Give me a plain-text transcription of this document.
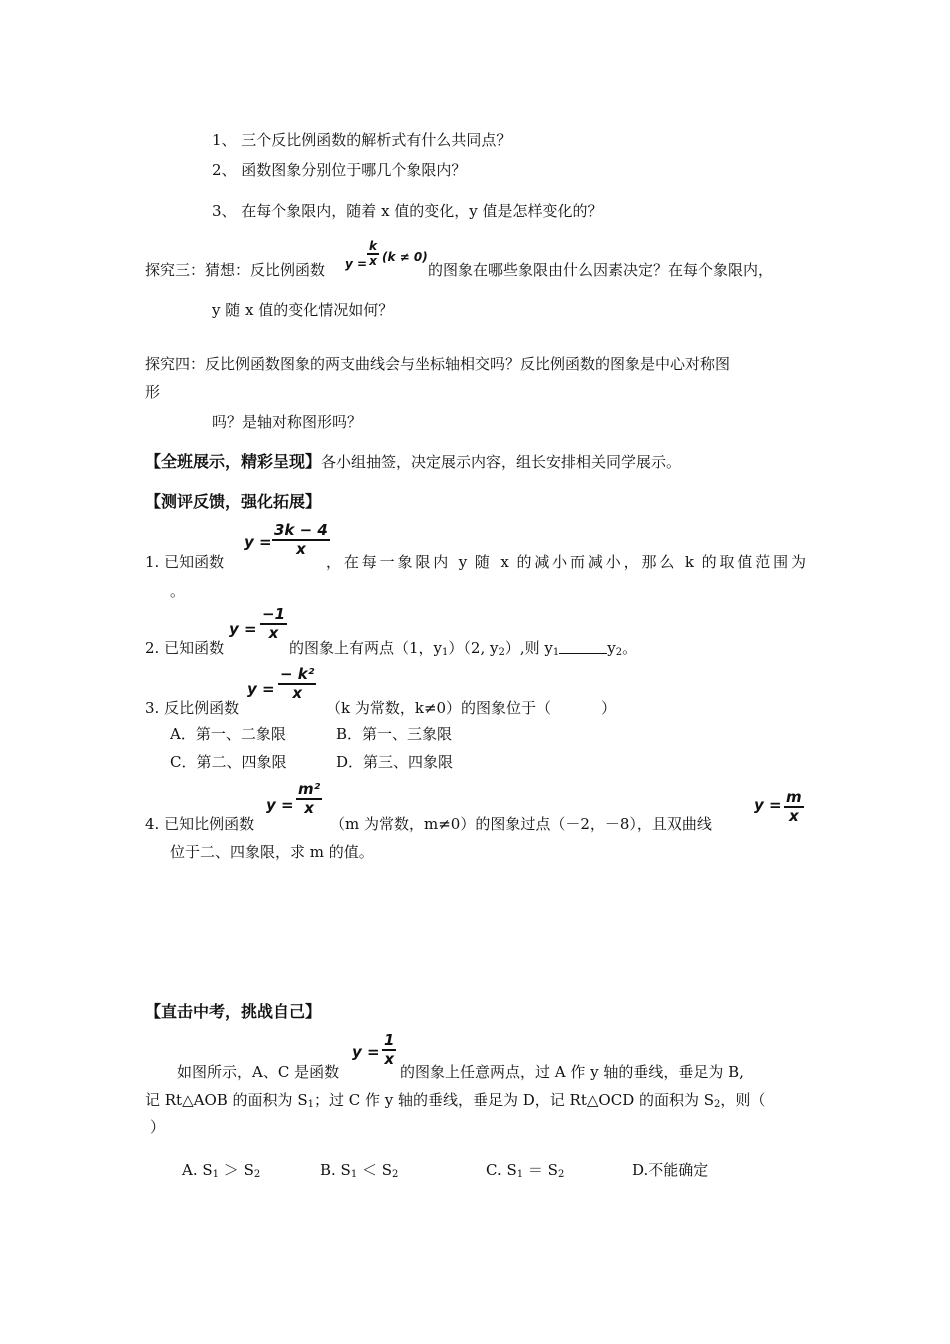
1、 三个反比例函数的解析式有什么共同点？
2、 函数图象分别位于哪几个象限内？
3、 在每个象限内，随着 x 值的变化，y 值是怎样变化的？
探究三：猜想：反比例函数 $y = \frac{k}{x} (k \ne 0)$
的图象在哪些象限由什么因素决定？在每个象限内，
y 随 x 值的变化情况如何？
探究四：反比例函数图象的两支曲线会与坐标轴相交吗？反比例函数的图象是中心对称图
形
吗？是轴对称图形吗？
【全班展示，精彩呈现】各小组抽签，决定展示内容，组长安排相关同学展示。
【测评反馈，强化拓展】
1. 已知函数
$y = \frac{3k - 4}{x}$
，在每一象限内 y 随 x 的减小而减小，那么 k 的取值范围为
。
2. 已知函数
$y = \frac{-1}{x}$
的图象上有两点（1，$y_1)(2$, $y_2$）,则 $y_1$	$y_2$。
3. 反比例函数
$y = \frac{\text{− k²}}{x}$
（k 为常数，k≠0）的图象位于（	）
A．第一、二象限	B．第一、三象限
C．第二、四象限	D．第三、四象限
4. 已知比例函数
$y = \frac{\text{m²}}{x}$
（m 为常数，m≠0）的图象过点（－2，－8），且双曲线
$y = \frac{m}{x}$
位于二、四象限，求 m 的值。
【直击中考，挑战自己】
如图所示，A、C 是函数
$y = \frac{1}{x}$
的图象上任意两点，过 A 作 y 轴的垂线，垂足为 B,
记 Rt△AOB 的面积为 $S_1$；过 C 作 y 轴的垂线，垂足为 D，记 Rt△OCD 的面积为 $S_2$，则（
）
A. $S_1 > S_2$	B. $S_1 < S_2$	C. $S_1 = S_2$	D.不能确定
